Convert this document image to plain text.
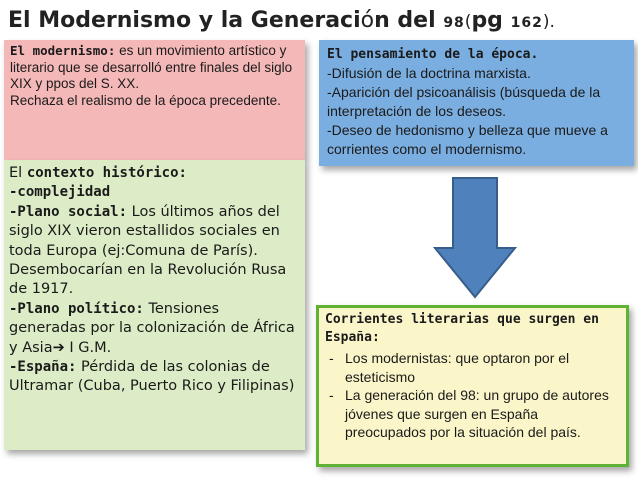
El Modernismo y la Generación del 98(pg 162).
El modernismo: es un movimiento artístico y literario que se desarrolló entre finales del siglo XIX y ppos del S. XX.
Rechaza el realismo de la época precedente.
El contexto histórico:
-complejidad
-Plano social: Los últimos años del siglo XIX vieron estallidos sociales en toda Europa (ej:Comuna de París). Desembocarían en la Revolución Rusa de 1917.
-Plano político: Tensiones generadas por la colonización de África y Asia➔ I G.M.
-España: Pérdida de las colonias de Ultramar (Cuba, Puerto Rico y Filipinas)
El pensamiento de la época.
-Difusión de la doctrina marxista.
-Aparición del psicoanálisis (búsqueda de la interpretación de los deseos.
-Deseo de hedonismo y belleza que mueve a corrientes como el modernismo.
Corrientes literarias que surgen en España:
- Los modernistas: que optaron por el esteticismo
- La generación del 98: un grupo de autores jóvenes que surgen en España preocupados por la situación del país.
